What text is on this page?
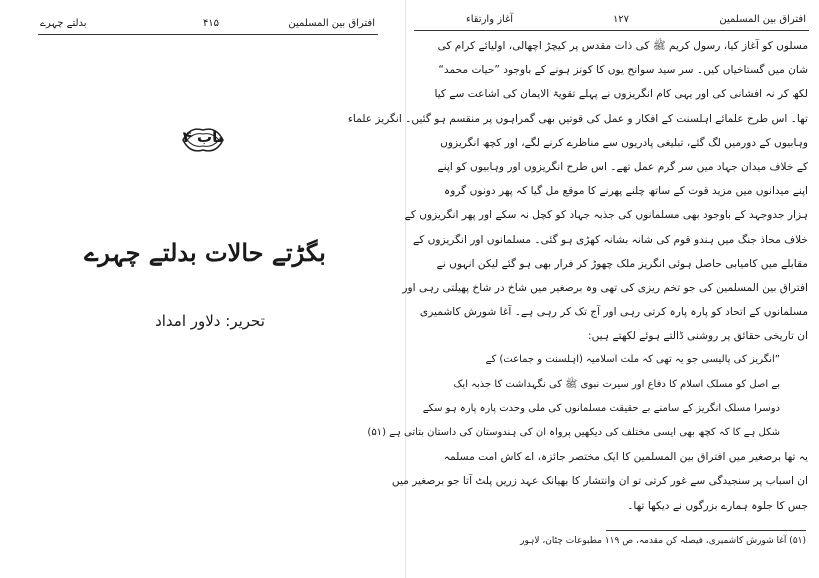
بدلتے چہرے	۴۱۵	افتراق بین المسلمین
باب ۴
بگڑتے حالات بدلتے چہرے
تحریر: دلاور امداد
آغاز وارتقاء	۱۲۷	افتراق بین المسلمین
مسلوں کو آغاز کیا، رسول کریم ﷺ کی ذات مقدس پر کیچڑ اچھالی، اولیائے کرام کی
شان میں گستاخیاں کیں۔ سر سید سوانح یوں کا کونز ہونے کے باوجود ”حیات محمد“
لکھ کر نہ افشانی کی اور یہی کام انگریزوں نے پہلے تقویۃ الایمان کی اشاعت سے کیا
تھا۔ اس طرح علمائے اہلسنت کے افکار و عمل کی قوتیں بھی گمراہوں پر منقسم ہو گئیں۔ انگریز علماء
وہابیوں کے دورمیں لگ گئے، تبلیغی پادریوں سے مناظرے کرنے لگے، اور کچھ انگریزوں
کے خلاف میدان جہاد میں سر گرم عمل تھے۔ اس طرح انگریزوں اور وہابیوں کو اپنے
اپنے میدانوں میں مزید قوت کے ساتھ چلنے پھرنے کا موقع مل گیا کہ پھر دونوں گروہ
ہزار جدوجہد کے باوجود بھی مسلمانوں کی جذبہ جہاد کو کچل نہ سکے اور پھر انگریزوں کے
خلاف محاذ جنگ میں ہندو قوم کی شانہ بشانہ کھڑی ہو گئی۔ مسلمانوں اور انگریزوں کے
مقابلے میں کامیابی حاصل ہوئی انگریز ملک چھوڑ کر فرار بھی ہو گئے لیکن انہوں نے
افتراق بین المسلمین کی جو تخم ریزی کی تھی وہ برصغیر میں شاخ در شاخ پھیلتی رہی اور
مسلمانوں کے اتحاد کو پارہ پارہ کرتی رہی اور آج تک کر رہی ہے۔ آغا شورش کاشمیری
ان تاریخی حقائق پر روشنی ڈالتے ہوئے لکھتے ہیں:
”انگریز کی پالیسی جو یہ تھی کہ ملت اسلامیہ (اہلسنت و جماعت) کے
بے اصل کو مسلک اسلام کا دفاع اور سیرت نبوی ﷺ کی نگہداشت کا جذبہ ایک
دوسرا مسلک انگریز کے سامنے بے حقیقت مسلمانوں کی ملی وحدت پارہ پارہ ہو سکے
شکل ہے کا کہ کچھ بھی ایسی مختلف کی دیکھیں پرواہ ان کی ہندوستان کی داستان بتاتی ہے (۵۱)
یہ تھا برصغیر میں افتراق بین المسلمین کا ایک مختصر جائزہ، اے کاش امت مسلمہ
ان اسباب پر سنجیدگی سے غور کرتی تو ان وانتشار کا بھیانک عہد زریں پلٹ آتا جو برصغیر میں
جس کا جلوہ ہمارے بزرگوں نے دیکھا تھا۔
(۵۱) آغا شورش کاشمیری، فیصلہ کن مقدمہ، ص ۱۱۹ مطبوعات چٹان، لاہور
